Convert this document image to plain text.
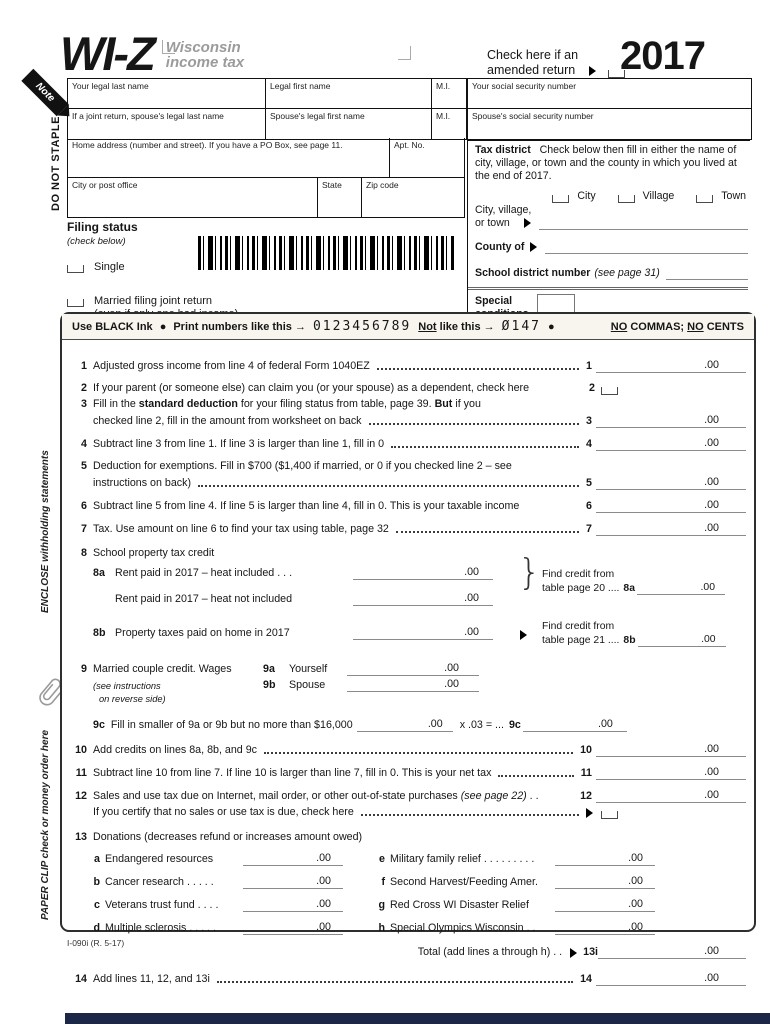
Note
DO NOT STAPLE
ENCLOSE withholding statements
PAPER CLIP check or money order here
WI-Z Wisconsin
income tax	Check here if an
amended return 2017
Your legal last name	Legal first name	M.I.
If a joint return, spouse's legal last name	Spouse's legal first name	M.I.
Your social security number
Spouse's social security number
Home address (number and street). If you have a PO Box, see page 11.	Apt. No.
City or post office	State	Zip code
Tax district Check below then fill in either the name of city, village, or town and the county in which you lived at the end of 2017.
City	Village	Town
City, village,
or town
County of
School district number (see page 31)
Special
Filing status
(check below)
Single
Married filing joint return
Use BLACK Ink ● Print numbers like this → 0123456789 Not like this → Ø147 ●	NO COMMAS; NO CENTS
1 Adjusted gross income from line 4 of federal Form 1040EZ	1	.00
2 If your parent (or someone else) can claim you (or your spouse) as a dependent, check here	2
3 Fill in the standard deduction for your filing status from table, page 39. But if you
checked line 2, fill in the amount from worksheet on back	3	.00
4 Subtract line 3 from line 1. If line 3 is larger than line 1, fill in 0	4	.00
5 Deduction for exemptions. Fill in $700 ($1,400 if married, or 0 if you checked line 2 – see
instructions on back)	5	.00
6 Subtract line 5 from line 4. If line 5 is larger than line 4, fill in 0. This is your taxable income	6	.00
7 Tax. Use amount on line 6 to find your tax using table, page 32	7	.00
8 School property tax credit
8a Rent paid in 2017 – heat included . . .	.00
Rent paid in 2017 – heat not included	.00
} Find credit from
table page 20 .... 8a	.00
8b Property taxes paid on home in 2017	.00	Find credit from
table page 21 .... 8b	.00
9 Married couple credit. Wages	9a	Yourself	.00
(see instructions	9b	Spouse	.00
on reverse side)
9c Fill in smaller of 9a or 9b but no more than $16,000	.00	x .03 = ... 9c	.00
10 Add credits on lines 8a, 8b, and 9c	10	.00
11 Subtract line 10 from line 7. If line 10 is larger than line 7, fill in 0. This is your net tax	11	.00
12 Sales and use tax due on Internet, mail order, or other out-of-state purchases (see page 22) . .	12	.00
If you certify that no sales or use tax is due, check here
13 Donations (decreases refund or increases amount owed)
a Endangered resources	.00	e Military family relief . . . . . . . . .	.00
b Cancer research . . . . .	.00	f Second Harvest/Feeding Amer.	.00
c Veterans trust fund . . . .	.00	g Red Cross WI Disaster Relief	.00
d Multiple sclerosis . . . . .	.00	h Special Olympics Wisconsin . .	.00
Total (add lines a through h) . . 13i	.00
14 Add lines 11, 12, and 13i	14	.00
I-090i (R. 5-17)
